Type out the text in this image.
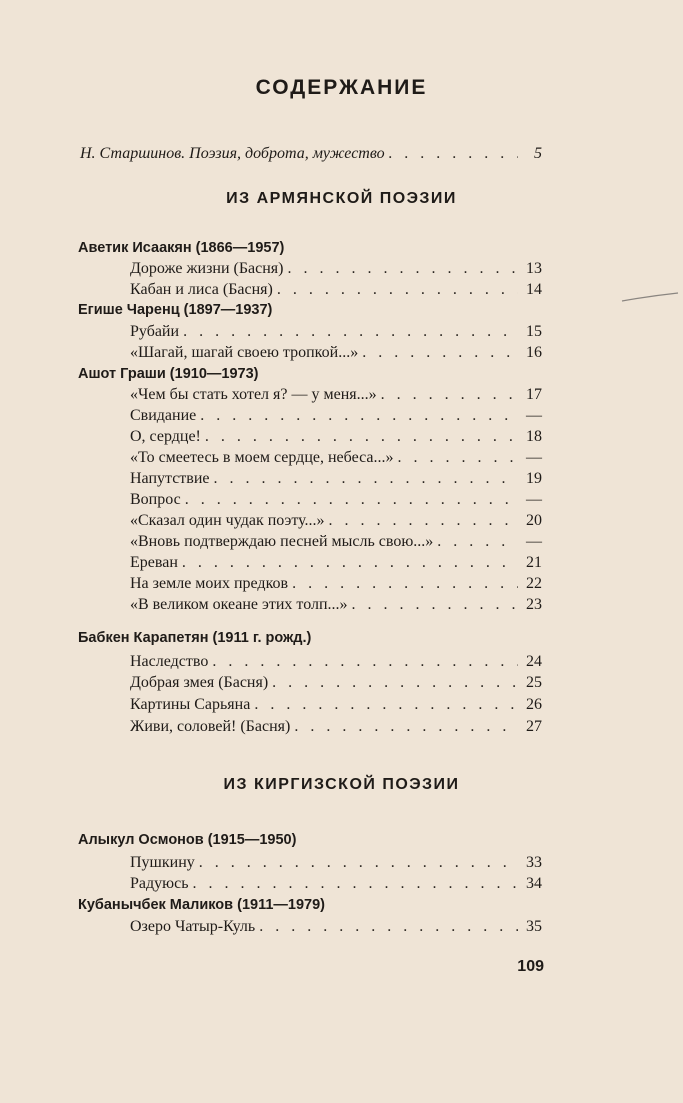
СОДЕРЖАНИЕ
Н. Старшинов. Поэзия, доброта, мужество . . .	5
ИЗ АРМЯНСКОЙ ПОЭЗИИ
Аветик Исаакян (1866—1957)
Дороже жизни (Басня) . . .	13
Кабан и лиса (Басня) . . .	14
Егише Чаренц (1897—1937)
Рубайи . . .	15
«Шагай, шагай своею тропкой...» . . .	16
Ашот Граши (1910—1973)
«Чем бы стать хотел я? — у меня...» . . .	17
Свидание . . .	—
О, сердце! . . .	18
«То смеетесь в моем сердце, небеса...» . . .	—
Напутствие . . .	19
Вопрос . . .	—
«Сказал один чудак поэту...» . . .	20
«Вновь подтверждаю песней мысль свою...» . . .	—
Ереван . . .	21
На земле моих предков . . .	22
«В великом океане этих толп...» . . .	23
Бабкен Карапетян (1911 г. рожд.)
Наследство . . .	24
Добрая змея (Басня) . . .	25
Картины Сарьяна . . .	26
Живи, соловей! (Басня) . . .	27
ИЗ КИРГИЗСКОЙ ПОЭЗИИ
Алыкул Осмонов (1915—1950)
Пушкину . . .	33
Радуюсь . . .	34
Кубанычбек Маликов (1911—1979)
Озеро Чатыр-Куль . . .	35
109
